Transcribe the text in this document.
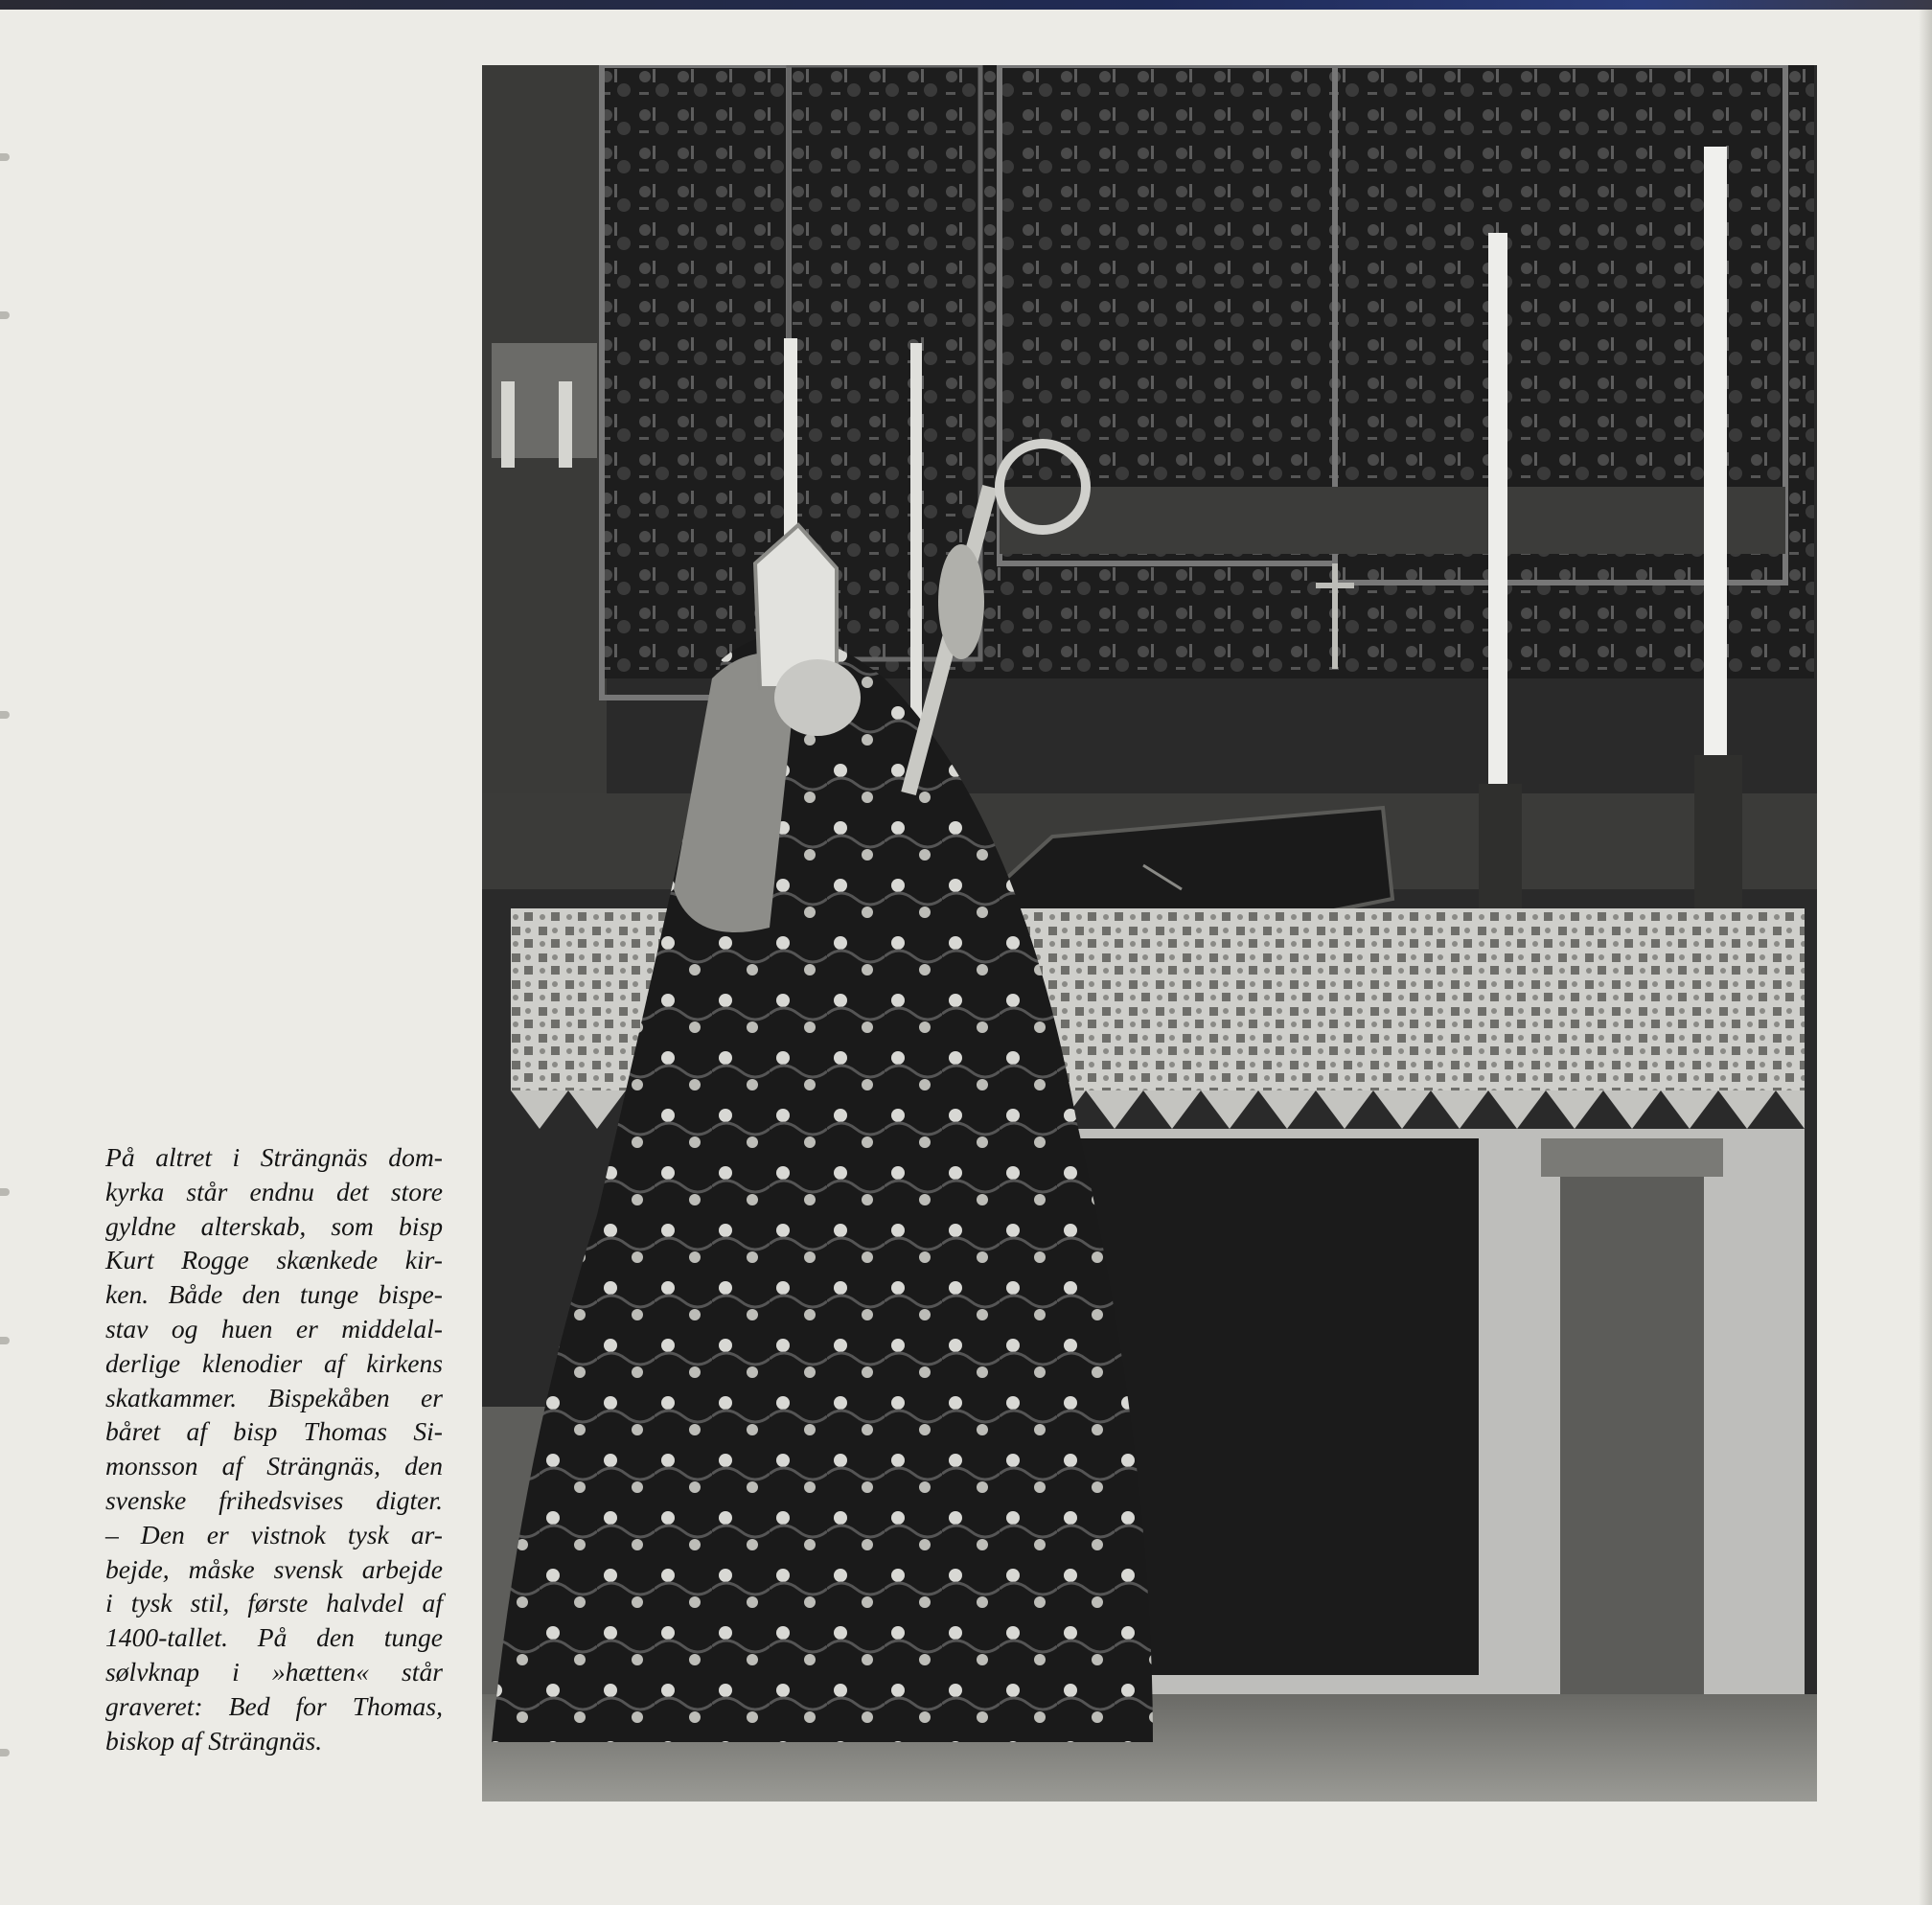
På altret i Strängnäs dom-
kyrka står endnu det store
gyldne alterskab, som bisp
Kurt Rogge skænkede kir-
ken. Både den tunge bispe-
stav og huen er middelal-
derlige klenodier af kirkens
skatkammer. Bispekåben er
båret af bisp Thomas Si-
monsson af Strängnäs, den
svenske frihedsvises digter.
– Den er vistnok tysk ar-
bejde, måske svensk arbejde
i tysk stil, første halvdel af
1400-tallet. På den tunge
sølvknap i »hætten« står
graveret: Bed for Thomas,
biskop af Strängnäs.
